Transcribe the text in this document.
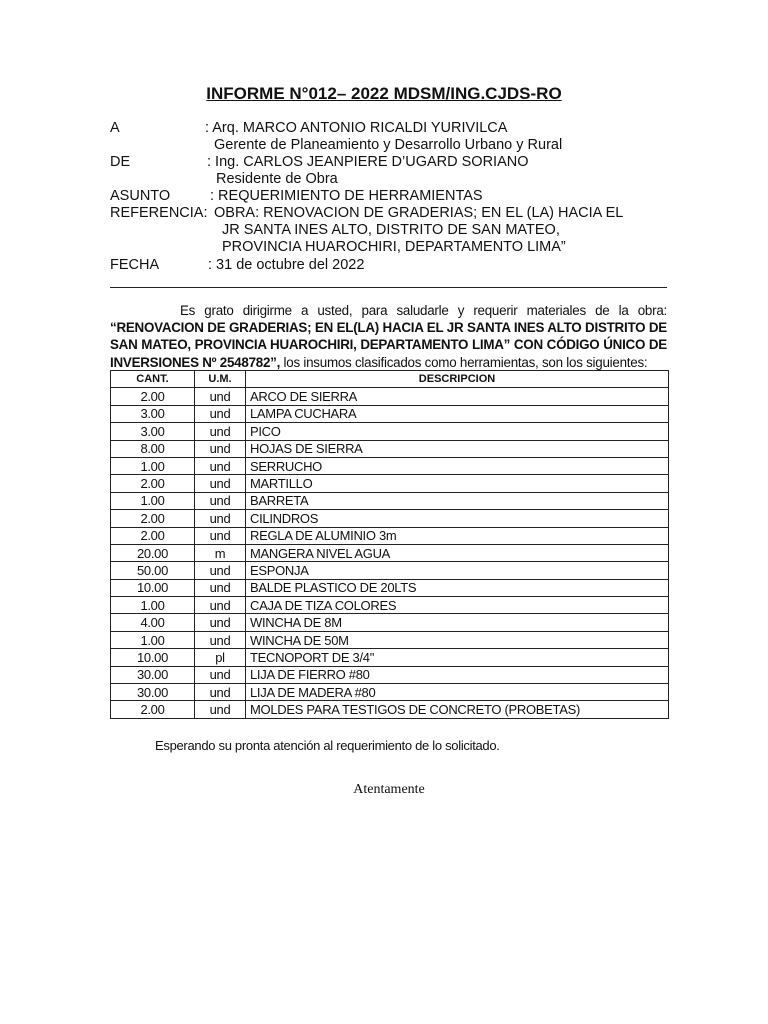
INFORME N°012– 2022 MDSM/ING.CJDS-RO
A	: Arq. MARCO ANTONIO RICALDI YURIVILCA
Gerente de Planeamiento y Desarrollo Urbano y Rural
DE	: Ing. CARLOS JEANPIERE D’UGARD SORIANO
Residente de Obra
ASUNTO	: REQUERIMIENTO DE HERRAMIENTAS
REFERENCIA: OBRA: RENOVACION DE GRADERIAS; EN EL (LA) HACIA EL
JR SANTA INES ALTO, DISTRITO DE SAN MATEO,
PROVINCIA HUAROCHIRI, DEPARTAMENTO LIMA”
FECHA	: 31 de octubre del 2022

Es grato dirigirme a usted, para saludarle y requerir materiales de la obra: “RENOVACION DE GRADERIAS; EN EL(LA) HACIA EL JR SANTA INES ALTO DISTRITO DE SAN MATEO, PROVINCIA HUAROCHIRI, DEPARTAMENTO LIMA” CON CÓDIGO ÚNICO DE INVERSIONES Nº 2548782”, los insumos clasificados como herramientas, son los siguientes:

CANT.	U.M.	DESCRIPCION
2.00	und	ARCO DE SIERRA
3.00	und	LAMPA CUCHARA
3.00	und	PICO
8.00	und	HOJAS DE SIERRA
1.00	und	SERRUCHO
2.00	und	MARTILLO
1.00	und	BARRETA
2.00	und	CILINDROS
2.00	und	REGLA DE ALUMINIO 3m
20.00	m	MANGERA NIVEL AGUA
50.00	und	ESPONJA
10.00	und	BALDE PLASTICO DE 20LTS
1.00	und	CAJA DE TIZA COLORES
4.00	und	WINCHA DE 8M
1.00	und	WINCHA DE 50M
10.00	pl	TECNOPORT DE 3/4"
30.00	und	LIJA DE FIERRO #80
30.00	und	LIJA DE MADERA #80
2.00	und	MOLDES PARA TESTIGOS DE CONCRETO (PROBETAS)
Esperando su pronta atención al requerimiento de lo solicitado.
Atentamente
